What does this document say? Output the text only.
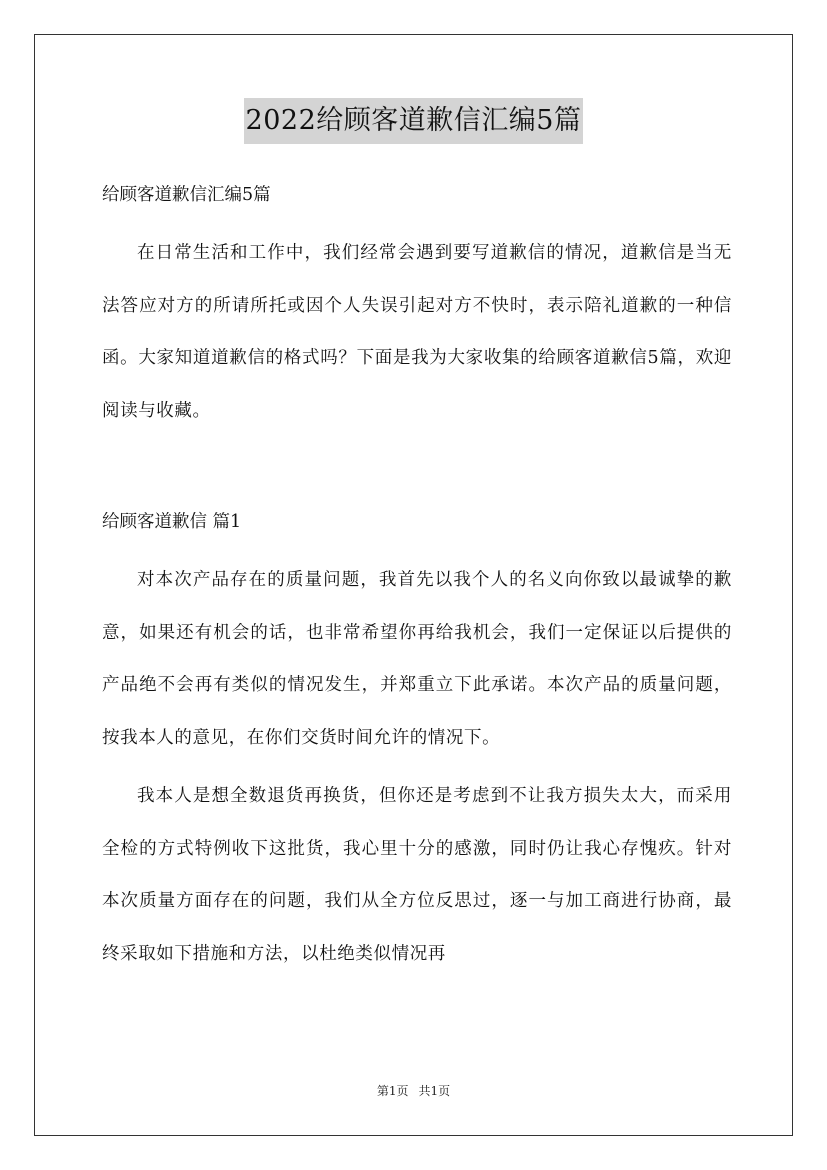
2022给顾客道歉信汇编5篇

给顾客道歉信汇编5篇

在日常生活和工作中，我们经常会遇到要写道歉信的情况，道歉信是当无法答应对方的所请所托或因个人失误引起对方不快时，表示陪礼道歉的一种信函。大家知道道歉信的格式吗？下面是我为大家收集的给顾客道歉信5篇，欢迎阅读与收藏。

给顾客道歉信 篇1

对本次产品存在的质量问题，我首先以我个人的名义向你致以最诚挚的歉意，如果还有机会的话，也非常希望你再给我机会，我们一定保证以后提供的产品绝不会再有类似的情况发生，并郑重立下此承诺。本次产品的质量问题，按我本人的意见，在你们交货时间允许的情况下。

我本人是想全数退货再换货，但你还是考虑到不让我方损失太大，而采用全检的方式特例收下这批货，我心里十分的感激，同时仍让我心存愧疚。针对本次质量方面存在的问题，我们从全方位反思过，逐一与加工商进行协商，最终采取如下措施和方法，以杜绝类似情况再

第1页 共1页
